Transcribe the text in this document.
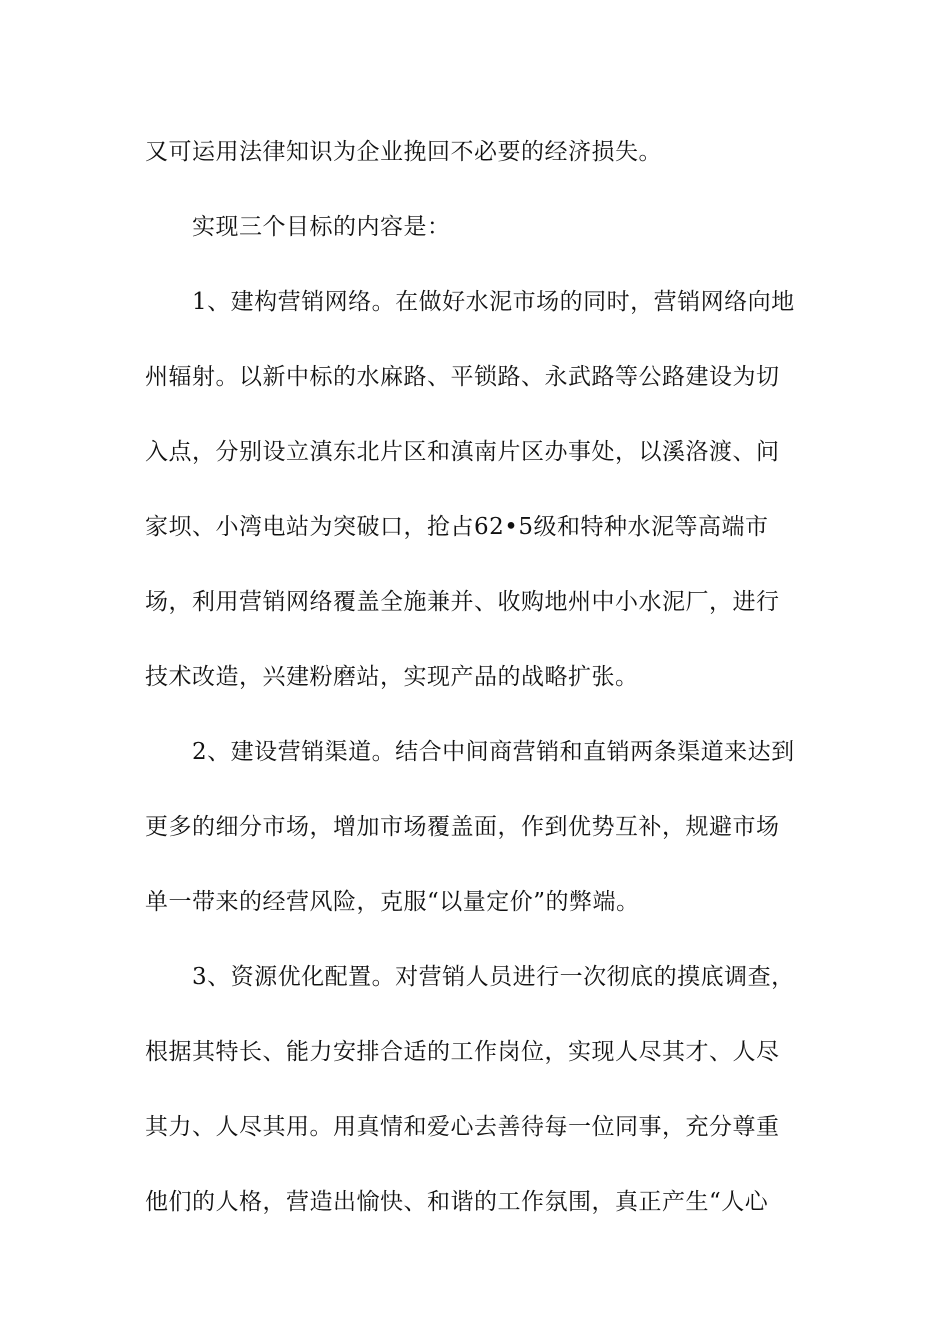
又可运用法律知识为企业挽回不必要的经济损失。
实现三个目标的内容是：
1、建构营销网络。在做好水泥市场的同时，营销网络向地
州辐射。以新中标的水麻路、平锁路、永武路等公路建设为切
入点，分别设立滇东北片区和滇南片区办事处，以溪洛渡、问
家坝、小湾电站为突破口，抢占62•5级和特种水泥等高端市
场，利用营销网络覆盖全施兼并、收购地州中小水泥厂，进行
技术改造，兴建粉磨站，实现产品的战略扩张。
2、建设营销渠道。结合中间商营销和直销两条渠道来达到
更多的细分市场，增加市场覆盖面，作到优势互补，规避市场
单一带来的经营风险，克服“以量定价”的弊端。
3、资源优化配置。对营销人员进行一次彻底的摸底调查，
根据其特长、能力安排合适的工作岗位，实现人尽其才、人尽
其力、人尽其用。用真情和爱心去善待每一位同事，充分尊重
他们的人格，营造出愉快、和谐的工作氛围，真正产生“人心
